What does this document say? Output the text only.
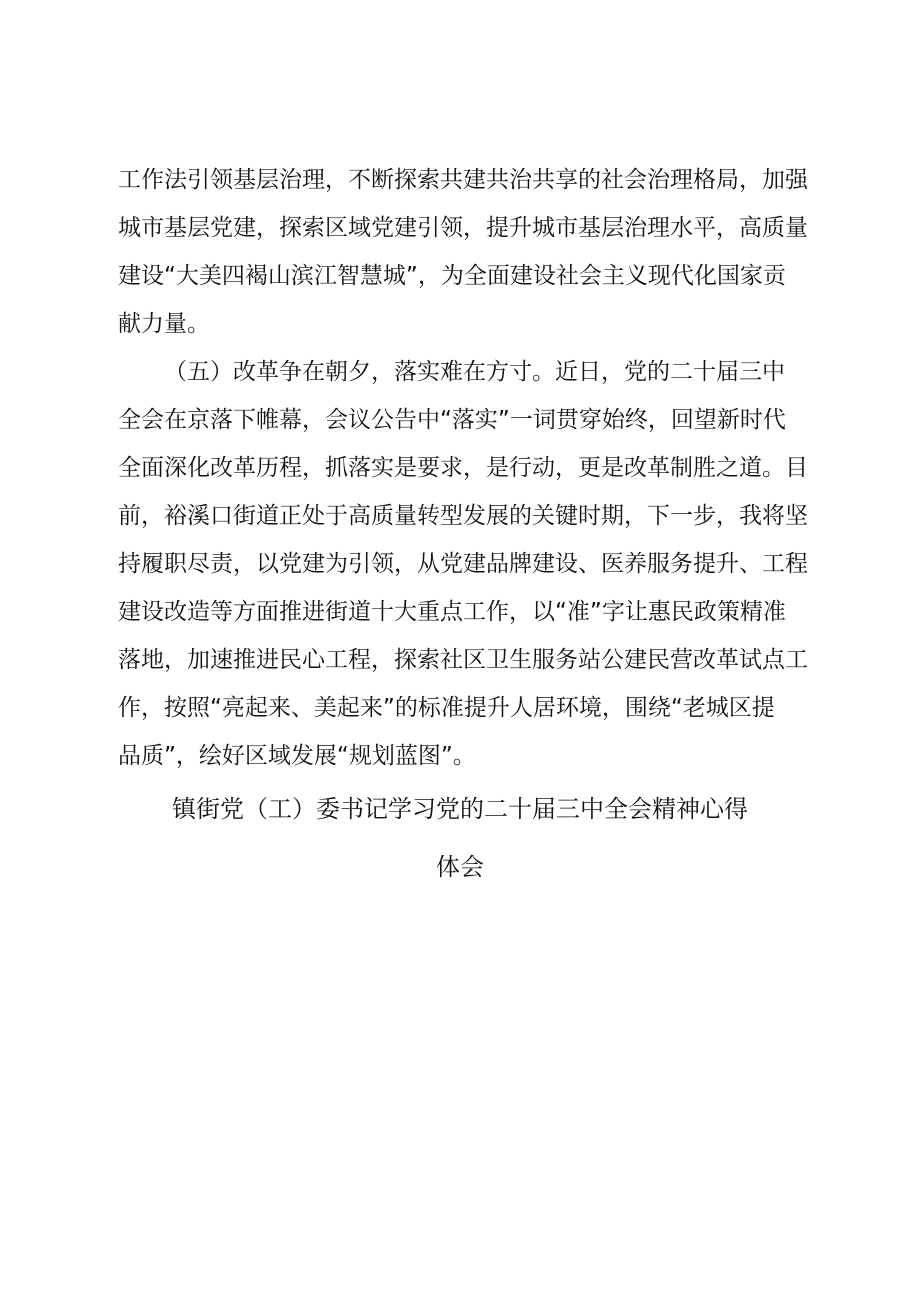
工作法引领基层治理，不断探索共建共治共享的社会治理格局，加强
城市基层党建，探索区域党建引领，提升城市基层治理水平，高质量
建设“大美四褐山滨江智慧城”，为全面建设社会主义现代化国家贡
献力量。

（五）改革争在朝夕，落实难在方寸。近日，党的二十届三中
全会在京落下帷幕，会议公告中“落实”一词贯穿始终，回望新时代
全面深化改革历程，抓落实是要求，是行动，更是改革制胜之道。目
前，裕溪口街道正处于高质量转型发展的关键时期，下一步，我将坚
持履职尽责，以党建为引领，从党建品牌建设、医养服务提升、工程
建设改造等方面推进街道十大重点工作，以“准”字让惠民政策精准
落地，加速推进民心工程，探索社区卫生服务站公建民营改革试点工
作，按照“亮起来、美起来”的标准提升人居环境，围绕“老城区提
品质”，绘好区域发展“规划蓝图”。

镇街党（工）委书记学习党的二十届三中全会精神心得
体会
